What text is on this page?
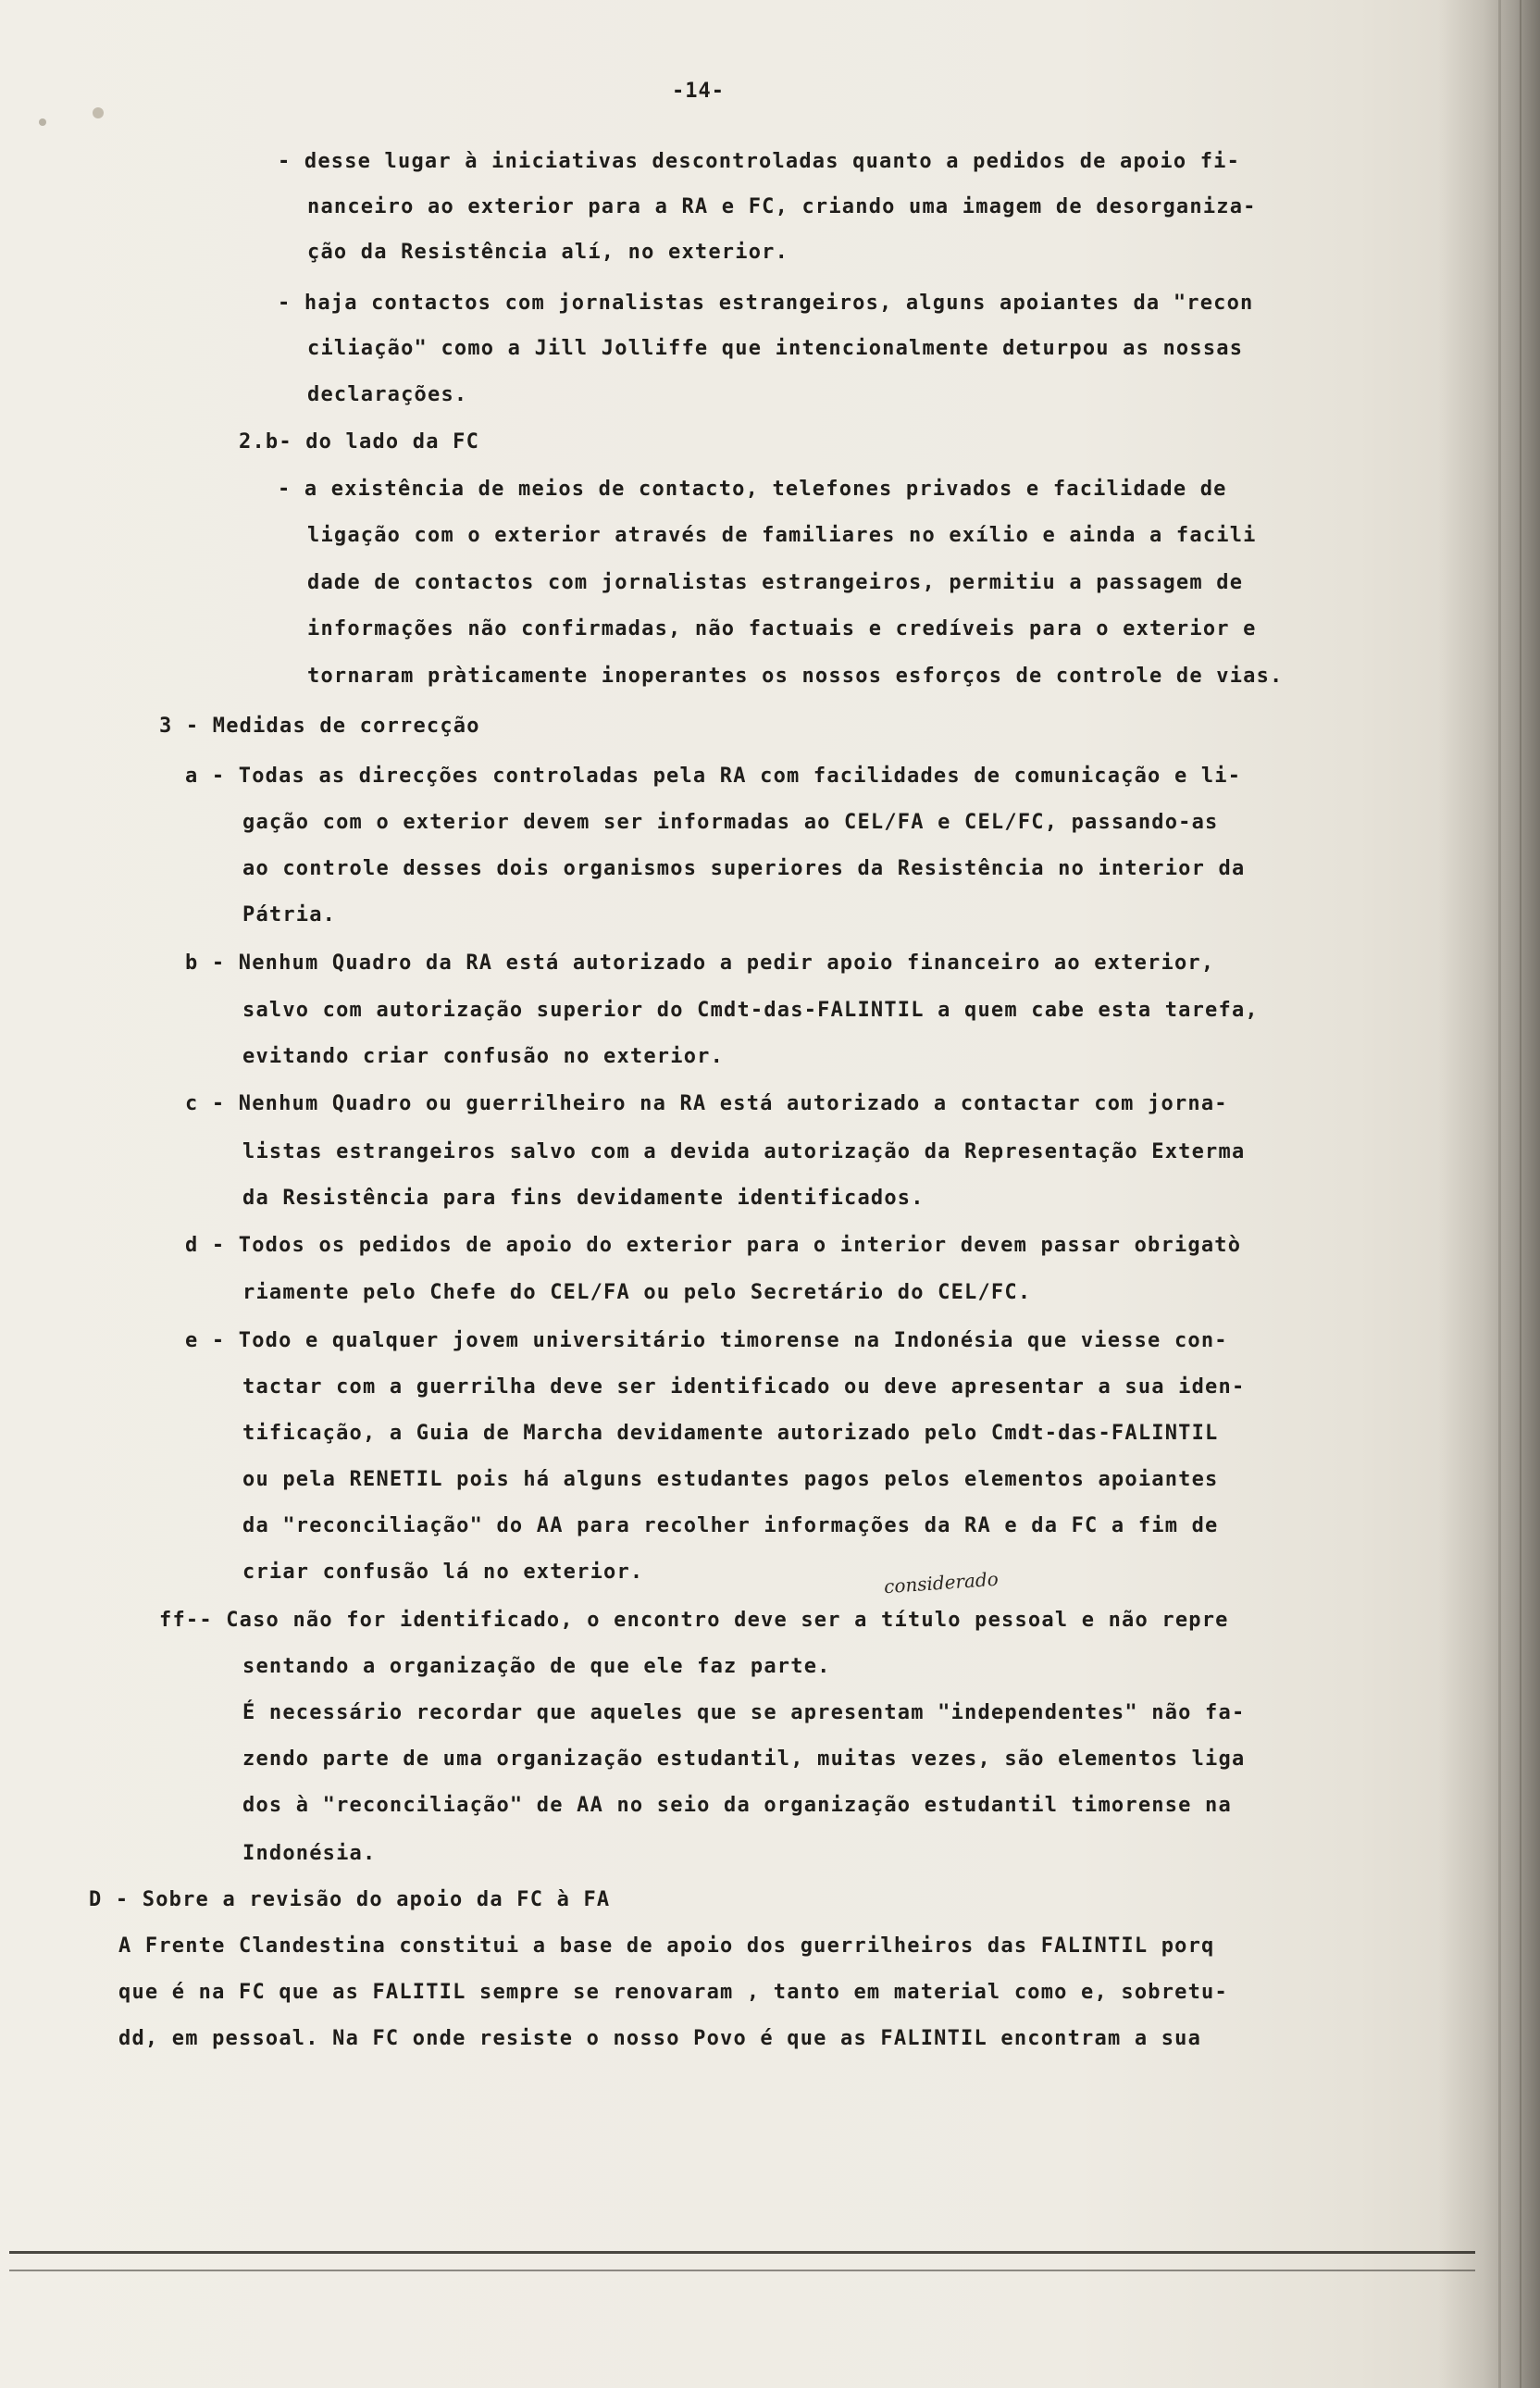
-14-
- desse lugar à iniciativas descontroladas quanto a pedidos de apoio fi-
nanceiro ao exterior para a RA e FC, criando uma imagem de desorganiza-
ção da Resistência alí, no exterior.
- haja contactos com jornalistas estrangeiros, alguns apoiantes da "recon
ciliação" como a Jill Jolliffe que intencionalmente deturpou as nossas
declarações.
2.b- do lado da FC
- a existência de meios de contacto, telefones privados e facilidade de
ligação com o exterior através de familiares no exílio e ainda a facili
dade de contactos com jornalistas estrangeiros, permitiu a passagem de
informações não confirmadas, não factuais e credíveis para o exterior e
tornaram pràticamente inoperantes os nossos esforços de controle de vias.
3 - Medidas de correcção
a - Todas as direcções controladas pela RA com facilidades de comunicação e li-
gação com o exterior devem ser informadas ao CEL/FA e CEL/FC, passando-as
ao controle desses dois organismos superiores da Resistência no interior da
Pátria.
b - Nenhum Quadro da RA está autorizado a pedir apoio financeiro ao exterior,
salvo com autorização superior do Cmdt-das-FALINTIL a quem cabe esta tarefa,
evitando criar confusão no exterior.
c - Nenhum Quadro ou guerrilheiro na RA está autorizado a contactar com jorna-
listas estrangeiros salvo com a devida autorização da Representação Exterma
da Resistência para fins devidamente identificados.
d - Todos os pedidos de apoio do exterior para o interior devem passar obrigatò
riamente pelo Chefe do CEL/FA ou pelo Secretário do CEL/FC.
e - Todo e qualquer jovem universitário timorense na Indonésia que viesse con-
tactar com a guerrilha deve ser identificado ou deve apresentar a sua iden-
tificação, a Guia de Marcha devidamente autorizado pelo Cmdt-das-FALINTIL
ou pela RENETIL pois há alguns estudantes pagos pelos elementos apoiantes
da "reconciliação" do AA para recolher informações da RA e da FC a fim de
criar confusão lá no exterior.	considerado
ff-- Caso não for identificado, o encontro deve ser a título pessoal e não repre
sentando a organização de que ele faz parte.
É necessário recordar que aqueles que se apresentam "independentes" não fa-
zendo parte de uma organização estudantil, muitas vezes, são elementos liga
dos à "reconciliação" de AA no seio da organização estudantil timorense na
Indonésia.
D - Sobre a revisão do apoio da FC à FA
A Frente Clandestina constitui a base de apoio dos guerrilheiros das FALINTIL porq
que é na FC que as FALITIL sempre se renovaram , tanto em material como e, sobretu-
dd, em pessoal. Na FC onde resiste o nosso Povo é que as FALINTIL encontram a sua
